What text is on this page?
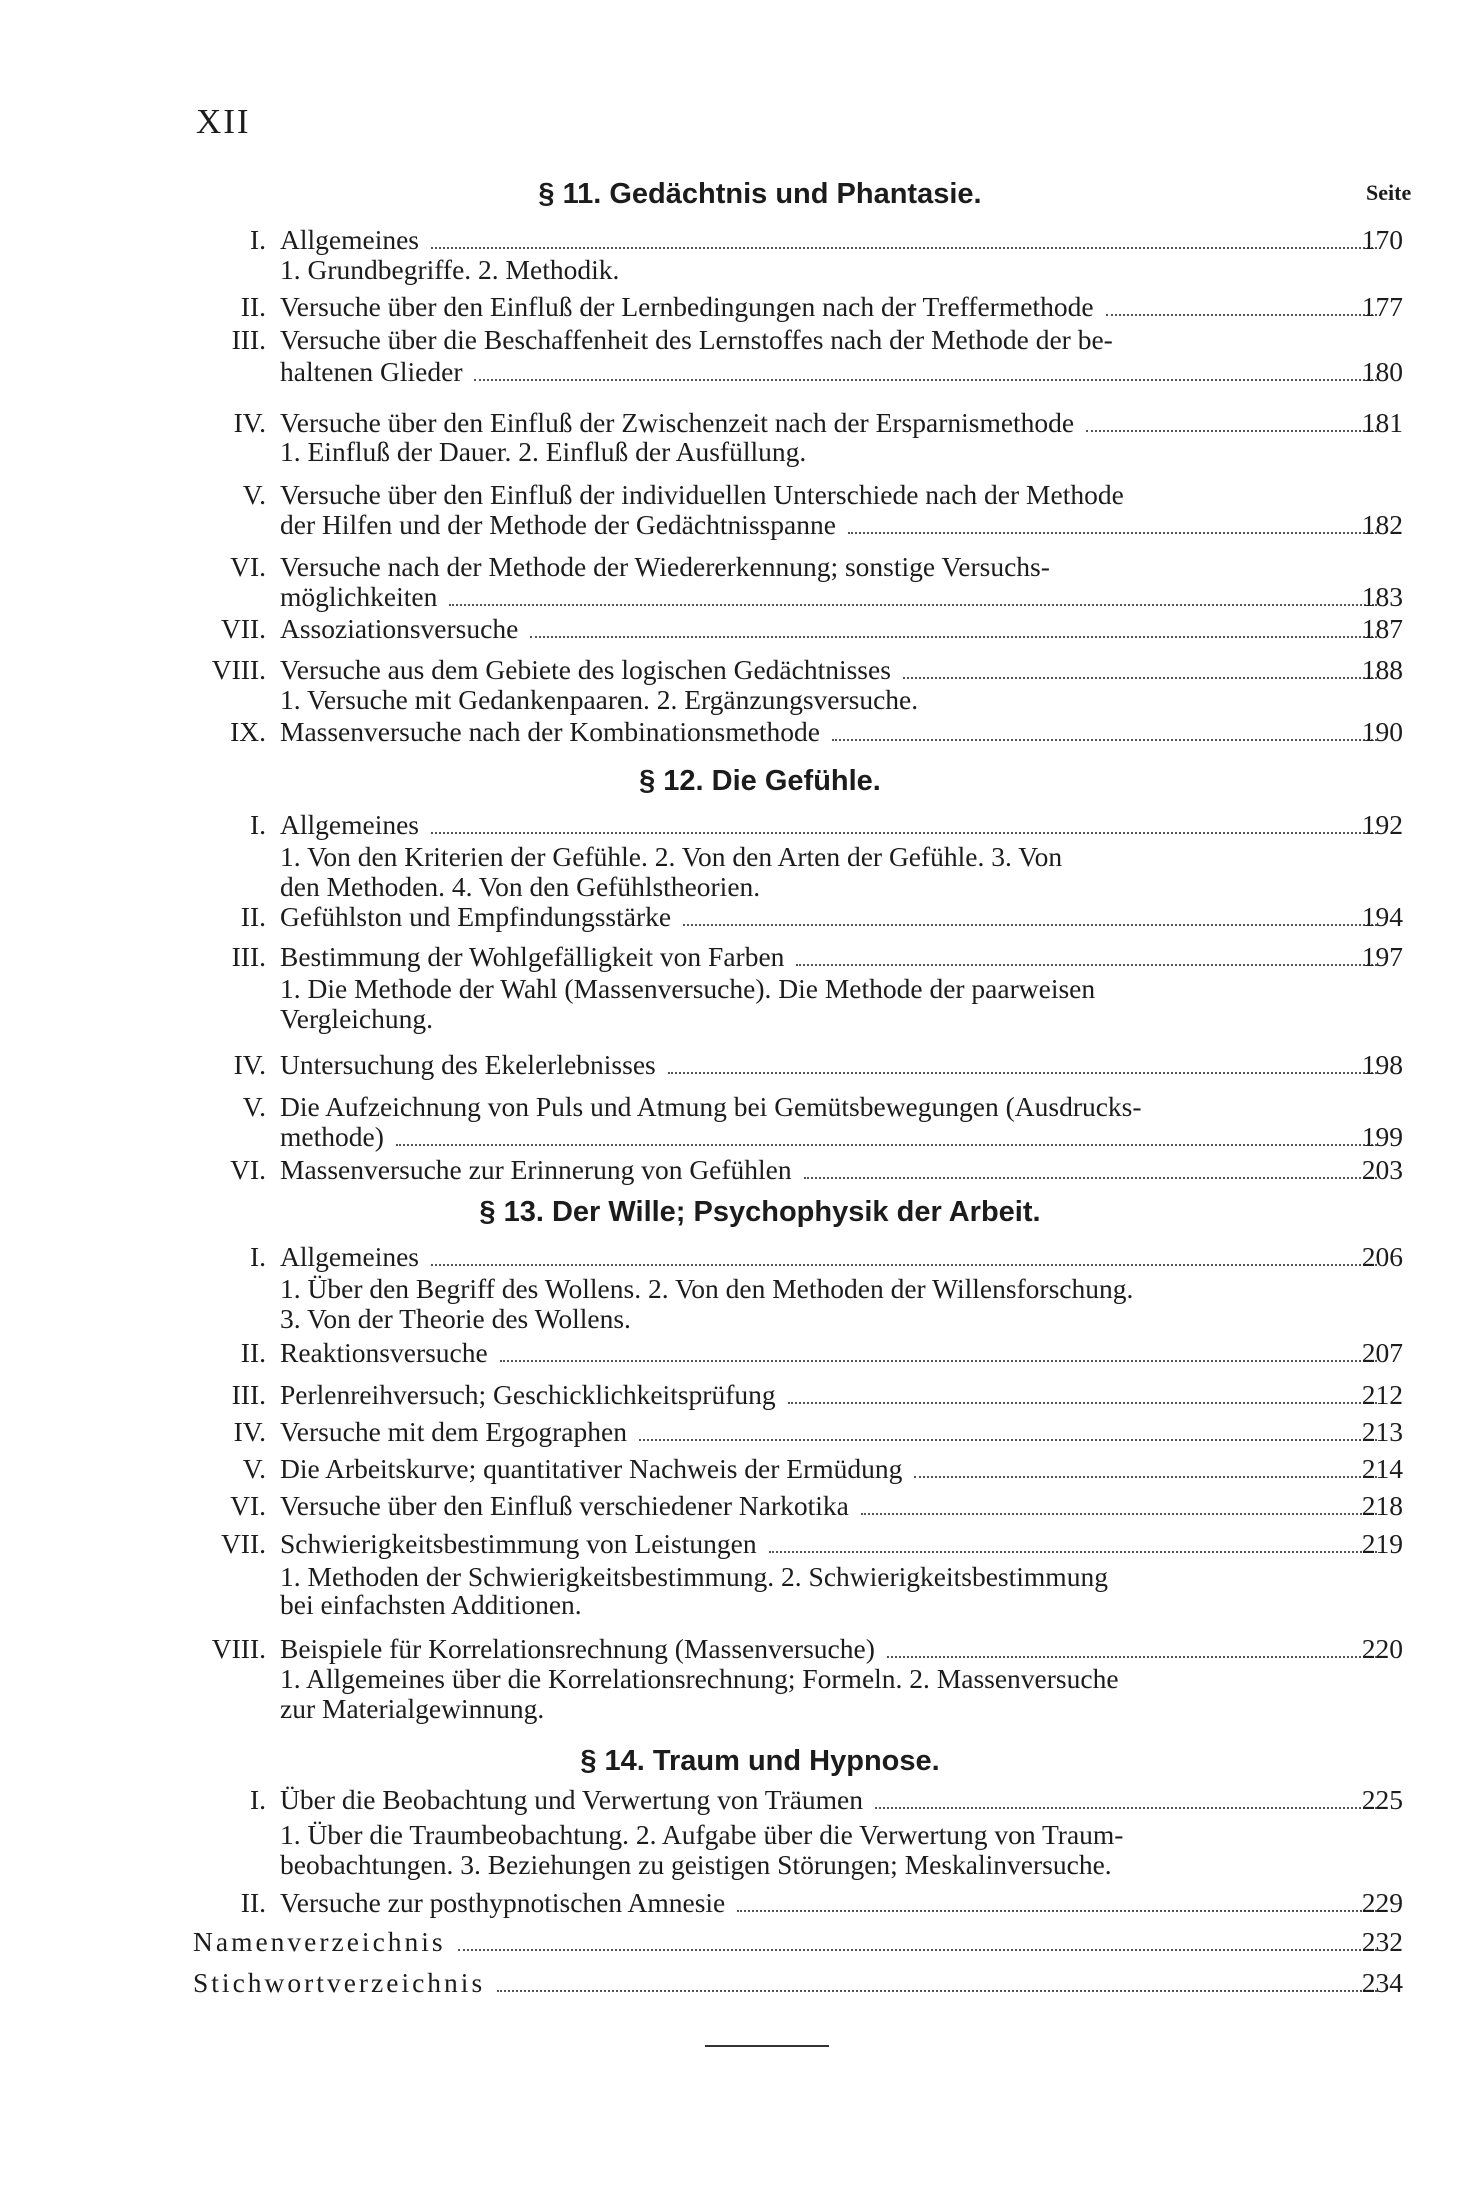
XII
Seite
§ 11. Gedächtnis und Phantasie.
I. Allgemeines	170
1. Grundbegriffe. 2. Methodik.
II. Versuche über den Einfluß der Lernbedingungen nach der Treffermethode	177
III. Versuche über die Beschaffenheit des Lernstoffes nach der Methode der be-
haltenen Glieder	180
IV. Versuche über den Einfluß der Zwischenzeit nach der Ersparnismethode	181
1. Einfluß der Dauer. 2. Einfluß der Ausfüllung.
V. Versuche über den Einfluß der individuellen Unterschiede nach der Methode
der Hilfen und der Methode der Gedächtnisspanne	182
VI. Versuche nach der Methode der Wiedererkennung; sonstige Versuchs-
möglichkeiten	183
VII. Assoziationsversuche	187
VIII. Versuche aus dem Gebiete des logischen Gedächtnisses	188
1. Versuche mit Gedankenpaaren. 2. Ergänzungsversuche.
IX. Massenversuche nach der Kombinationsmethode	190
§ 12. Die Gefühle.
I. Allgemeines	192
1. Von den Kriterien der Gefühle. 2. Von den Arten der Gefühle. 3. Von
den Methoden. 4. Von den Gefühlstheorien.
II. Gefühlston und Empfindungsstärke	194
III. Bestimmung der Wohlgefälligkeit von Farben	197
1. Die Methode der Wahl (Massenversuche). Die Methode der paarweisen
Vergleichung.
IV. Untersuchung des Ekelerlebnisses	198
V. Die Aufzeichnung von Puls und Atmung bei Gemütsbewegungen (Ausdrucks-
methode)	199
VI. Massenversuche zur Erinnerung von Gefühlen	203
§ 13. Der Wille; Psychophysik der Arbeit.
I. Allgemeines	206
1. Über den Begriff des Wollens. 2. Von den Methoden der Willensforschung.
3. Von der Theorie des Wollens.
II. Reaktionsversuche	207
III. Perlenreihversuch; Geschicklichkeitsprüfung	212
IV. Versuche mit dem Ergographen	213
V. Die Arbeitskurve; quantitativer Nachweis der Ermüdung	214
VI. Versuche über den Einfluß verschiedener Narkotika	218
VII. Schwierigkeitsbestimmung von Leistungen	219
1. Methoden der Schwierigkeitsbestimmung. 2. Schwierigkeitsbestimmung
bei einfachsten Additionen.
VIII. Beispiele für Korrelationsrechnung (Massenversuche)	220
1. Allgemeines über die Korrelationsrechnung; Formeln. 2. Massenversuche
zur Materialgewinnung.
§ 14. Traum und Hypnose.
I. Über die Beobachtung und Verwertung von Träumen	225
1. Über die Traumbeobachtung. 2. Aufgabe über die Verwertung von Traum-
beobachtungen. 3. Beziehungen zu geistigen Störungen; Meskalinversuche.
II. Versuche zur posthypnotischen Amnesie	229
Namenverzeichnis	232
Stichwortverzeichnis	234
